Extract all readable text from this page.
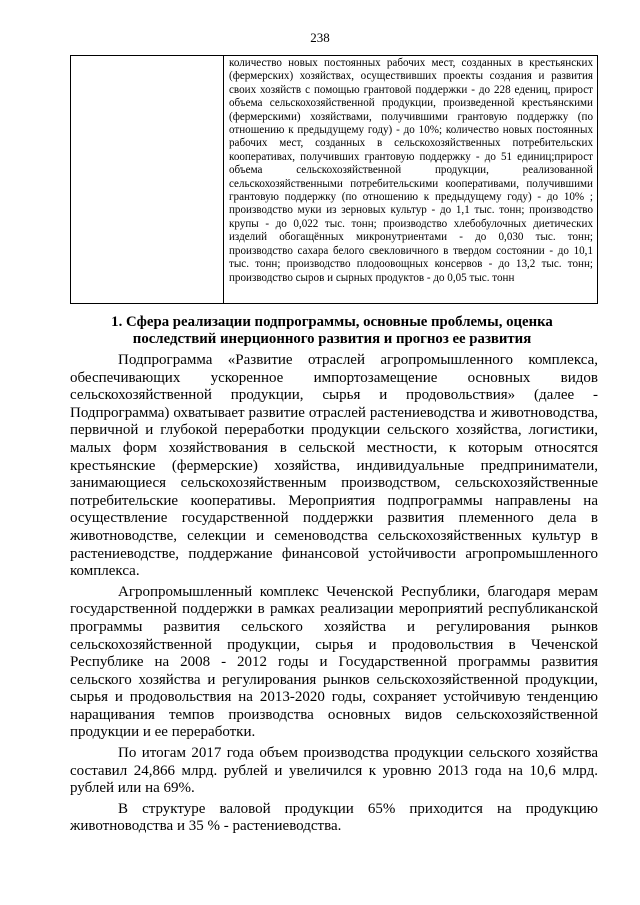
238
количество новых постоянных рабочих мест, созданных в крестьянских (фермерских) хозяйствах, осуществивших проекты создания и развития своих хозяйств с помощью грантовой поддержки - до 228 едениц, прирост объема сельскохозяйственной продукции, произведенной крестьянскими (фермерскими) хозяйствами, получившими грантовую поддержку (по отношению к предыдущему году) - до 10%; количество новых постоянных рабочих мест, созданных в сельскохозяйственных потребительских кооперативах, получивших грантовую поддержку - до 51 единиц;прирост объема сельскохозяйственной продукции, реализованной сельскохозяйственными потребительскими кооперативами, получившими грантовую поддержку (по отношению к предыдущему году) - до 10% ; производство муки из зерновых культур - до 1,1 тыс. тонн; производство крупы - до 0,022 тыс. тонн; производство хлебобулочных диетических изделий обогащённых микронутриентами - до 0,030 тыс. тонн; производство сахара белого свекловичного в твердом состоянии - до 10,1 тыс. тонн; производство плодоовощных консервов - до 13,2 тыс. тонн; производство сыров и сырных продуктов - до 0,05 тыс. тонн
1. Сфера реализации подпрограммы, основные проблемы, оценка последствий инерционного развития и прогноз ее развития

Подпрограмма «Развитие отраслей агропромышленного комплекса, обеспечивающих ускоренное импортозамещение основных видов сельскохозяйственной продукции, сырья и продовольствия» (далее - Подпрограмма) охватывает развитие отраслей растениеводства и животноводства, первичной и глубокой переработки продукции сельского хозяйства, логистики, малых форм хозяйствования в сельской местности, к которым относятся крестьянские (фермерские) хозяйства, индивидуальные предприниматели, занимающиеся сельскохозяйственным производством, сельскохозяйственные потребительские кооперативы. Мероприятия подпрограммы направлены на осуществление государственной поддержки развития племенного дела в животноводстве, селекции и семеноводства сельскохозяйственных культур в растениеводстве, поддержание финансовой устойчивости агропромышленного комплекса.

Агропромышленный комплекс Чеченской Республики, благодаря мерам государственной поддержки в рамках реализации мероприятий республиканской программы развития сельского хозяйства и регулирования рынков сельскохозяйственной продукции, сырья и продовольствия в Чеченской Республике на 2008 - 2012 годы и Государственной программы развития сельского хозяйства и регулирования рынков сельскохозяйственной продукции, сырья и продовольствия на 2013-2020 годы, сохраняет устойчивую тенденцию наращивания темпов производства основных видов сельскохозяйственной продукции и ее переработки.

По итогам 2017 года объем производства продукции сельского хозяйства составил 24,866 млрд. рублей и увеличился к уровню 2013 года на 10,6 млрд. рублей или на 69%.

В структуре валовой продукции 65% приходится на продукцию животноводства и 35 % - растениеводства.
